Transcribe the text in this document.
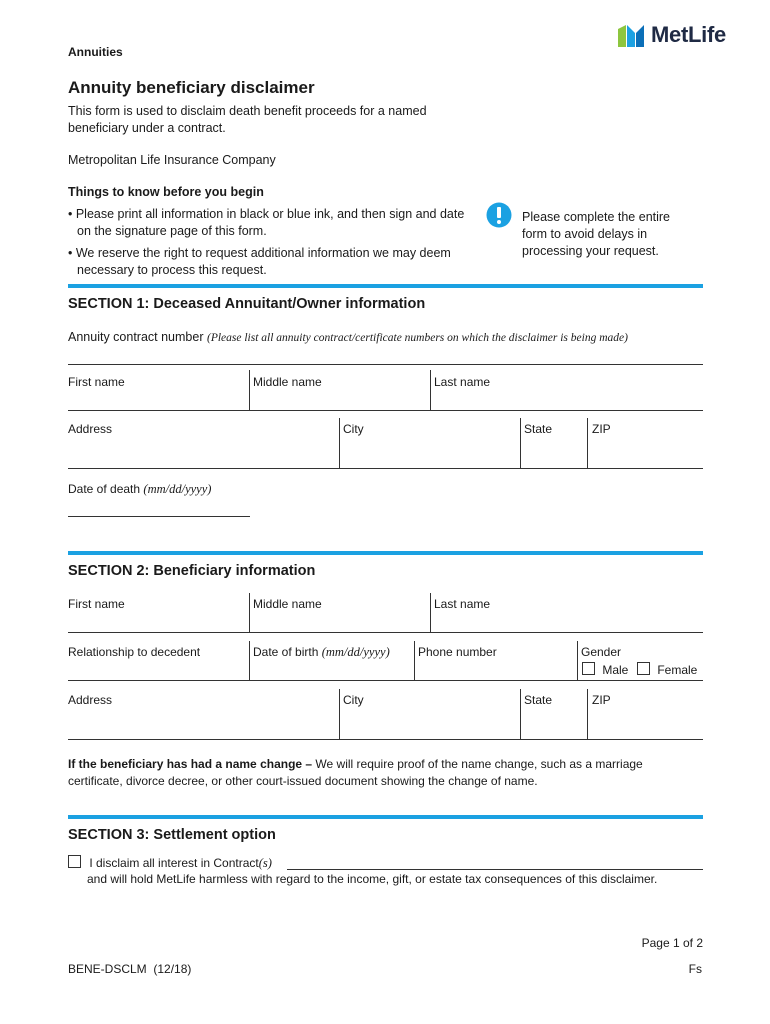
Annuities
MetLife
Annuity beneficiary disclaimer
This form is used to disclaim death benefit proceeds for a named
beneficiary under a contract.
Metropolitan Life Insurance Company
Things to know before you begin
• Please print all information in black or blue ink, and then sign and date
on the signature page of this form.
• We reserve the right to request additional information we may deem
necessary to process this request.
Please complete the entire
form to avoid delays in
processing your request.
SECTION 1: Deceased Annuitant/Owner information
Annuity contract number (Please list all annuity contract/certificate numbers on which the disclaimer is being made)
First name	Middle name	Last name
Address	City	State	ZIP
Date of death (mm/dd/yyyy)
SECTION 2: Beneficiary information
First name	Middle name	Last name
Relationship to decedent	Date of birth (mm/dd/yyyy) Phone number	Gender
Male	Female
Address	City	State	ZIP
If the beneficiary has had a name change – We will require proof of the name change, such as a marriage
certificate, divorce decree, or other court-issued document showing the change of name.
SECTION 3: Settlement option
I disclaim all interest in Contract(s)
and will hold MetLife harmless with regard to the income, gift, or estate tax consequences of this disclaimer.
Page 1 of 2
BENE-DSCLM  (12/18)	Fs
